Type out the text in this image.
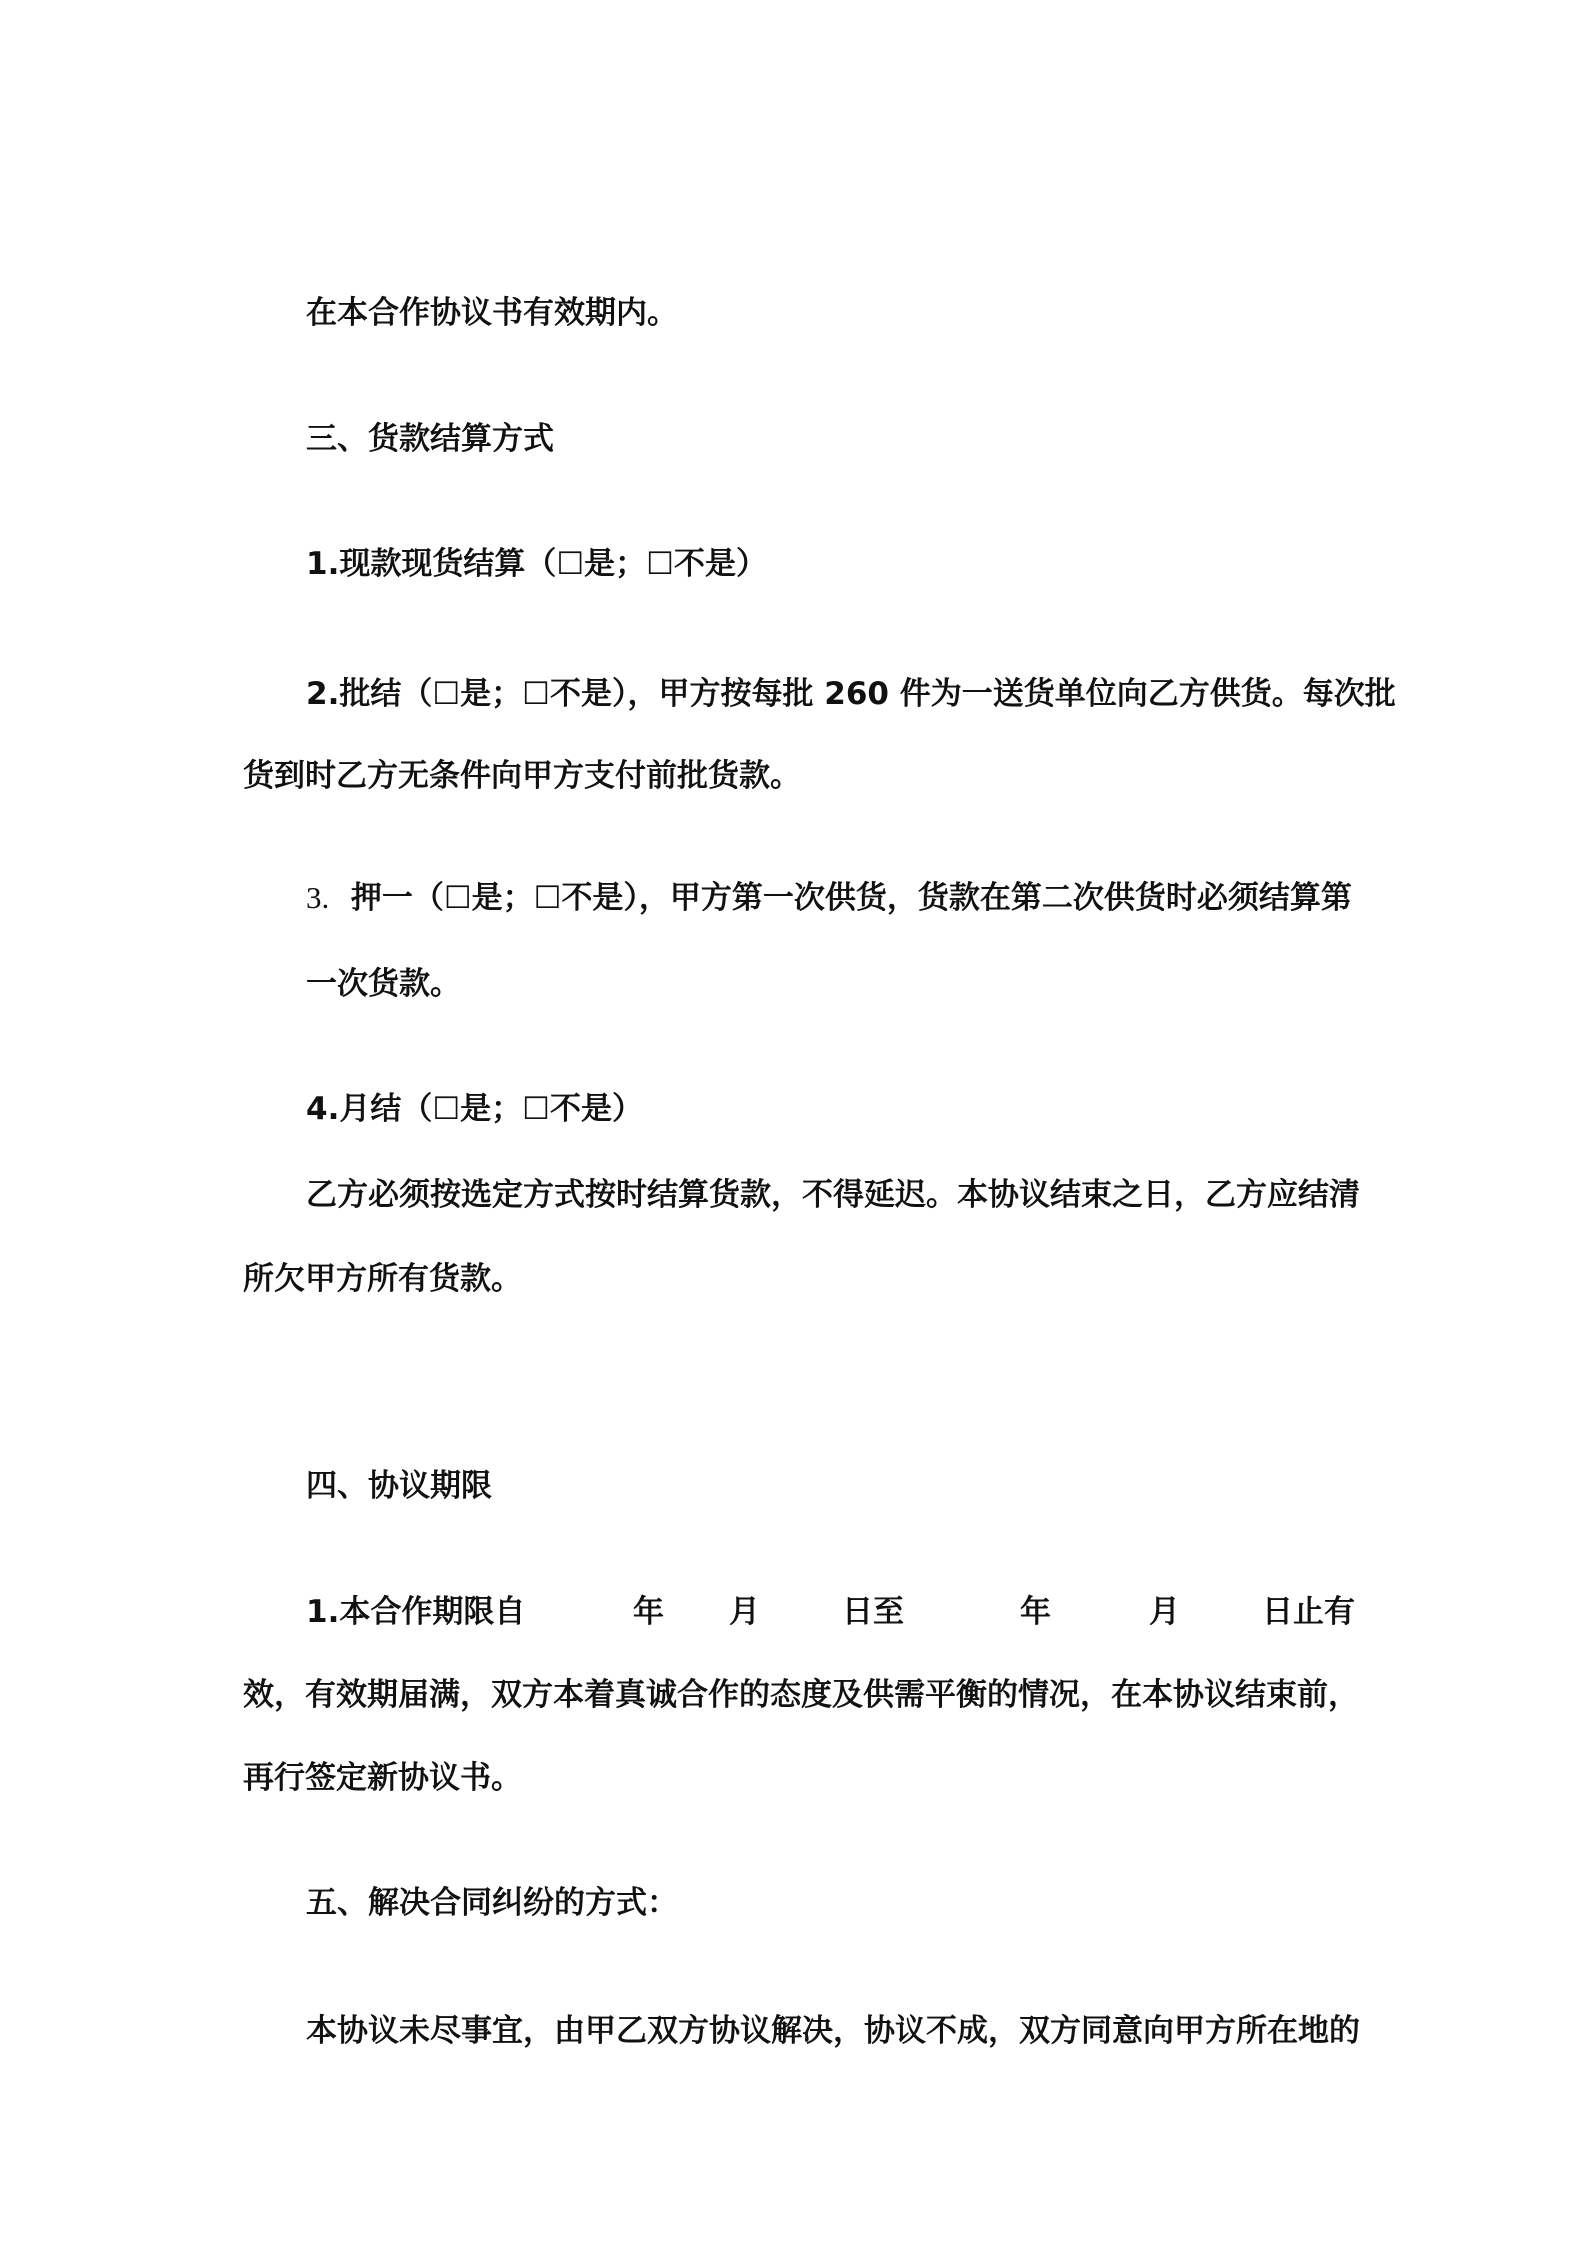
在本合作协议书有效期内。

三、货款结算方式

1.现款现货结算（☐是；☐不是）

2.批结（☐是；☐不是），甲方按每批 260 件为一送货单位向乙方供货。每次批

货到时乙方无条件向甲方支付前批货款。

3. 押一（☐是；☐不是），甲方第一次供货，货款在第二次供货时必须结算第

一次货款。

4.月结（☐是；☐不是）

乙方必须按选定方式按时结算货款，不得延迟。本协议结束之日，乙方应结清

所欠甲方所有货款。

四、协议期限

1.本合作期限自	年 月	日至	年	月	日止有

效，有效期届满，双方本着真诚合作的态度及供需平衡的情况，在本协议结束前，

再行签定新协议书。

五、解决合同纠纷的方式：

本协议未尽事宜，由甲乙双方协议解决，协议不成，双方同意向甲方所在地的
